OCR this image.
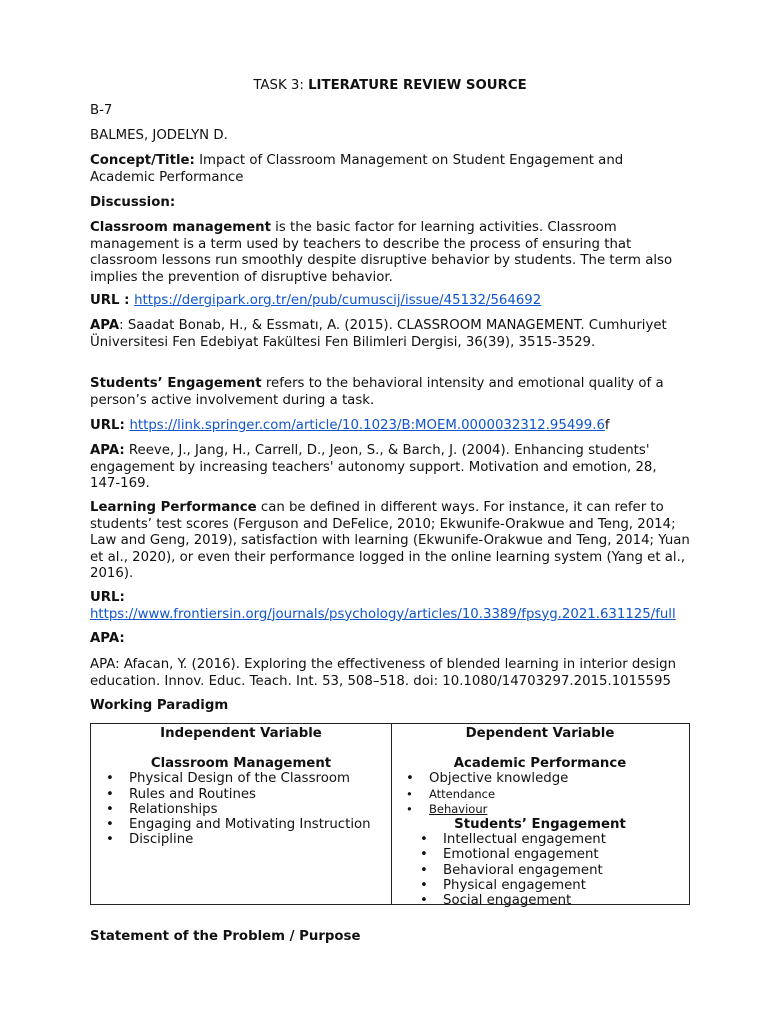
TASK 3: LITERATURE REVIEW SOURCE

B-7

BALMES, JODELYN D.

Concept/Title: Impact of Classroom Management on Student Engagement and Academic Performance

Discussion:

Classroom management is the basic factor for learning activities. Classroom management is a term used by teachers to describe the process of ensuring that classroom lessons run smoothly despite disruptive behavior by students. The term also implies the prevention of disruptive behavior.

URL : https://dergipark.org.tr/en/pub/cumuscij/issue/45132/564692

APA: Saadat Bonab, H., & Essmatı, A. (2015). CLASSROOM MANAGEMENT. Cumhuriyet Üniversitesi Fen Edebiyat Fakültesi Fen Bilimleri Dergisi, 36(39), 3515-3529.

Students’ Engagement refers to the behavioral intensity and emotional quality of a person’s active involvement during a task.

URL: https://link.springer.com/article/10.1023/B:MOEM.0000032312.95499.6f

APA: Reeve, J., Jang, H., Carrell, D., Jeon, S., & Barch, J. (2004). Enhancing students' engagement by increasing teachers' autonomy support. Motivation and emotion, 28, 147-169.

Learning Performance can be defined in different ways. For instance, it can refer to students’ test scores (Ferguson and DeFelice, 2010; Ekwunife-Orakwue and Teng, 2014; Law and Geng, 2019), satisfaction with learning (Ekwunife-Orakwue and Teng, 2014; Yuan et al., 2020), or even their performance logged in the online learning system (Yang et al., 2016).

URL:
https://www.frontiersin.org/journals/psychology/articles/10.3389/fpsyg.2021.631125/full

APA:

APA: Afacan, Y. (2016). Exploring the effectiveness of blended learning in interior design education. Innov. Educ. Teach. Int. 53, 508–518. doi: 10.1080/14703297.2015.1015595

Working Paradigm

Independent Variable
Classroom Management
• Physical Design of the Classroom
• Rules and Routines
• Relationships
• Engaging and Motivating Instruction
• Discipline
Dependent Variable
Academic Performance
• Objective knowledge
• Attendance
• Behaviour
Students’ Engagement
• Intellectual engagement
• Emotional engagement
• Behavioral engagement
• Physical engagement
• Social engagement

Statement of the Problem / Purpose
